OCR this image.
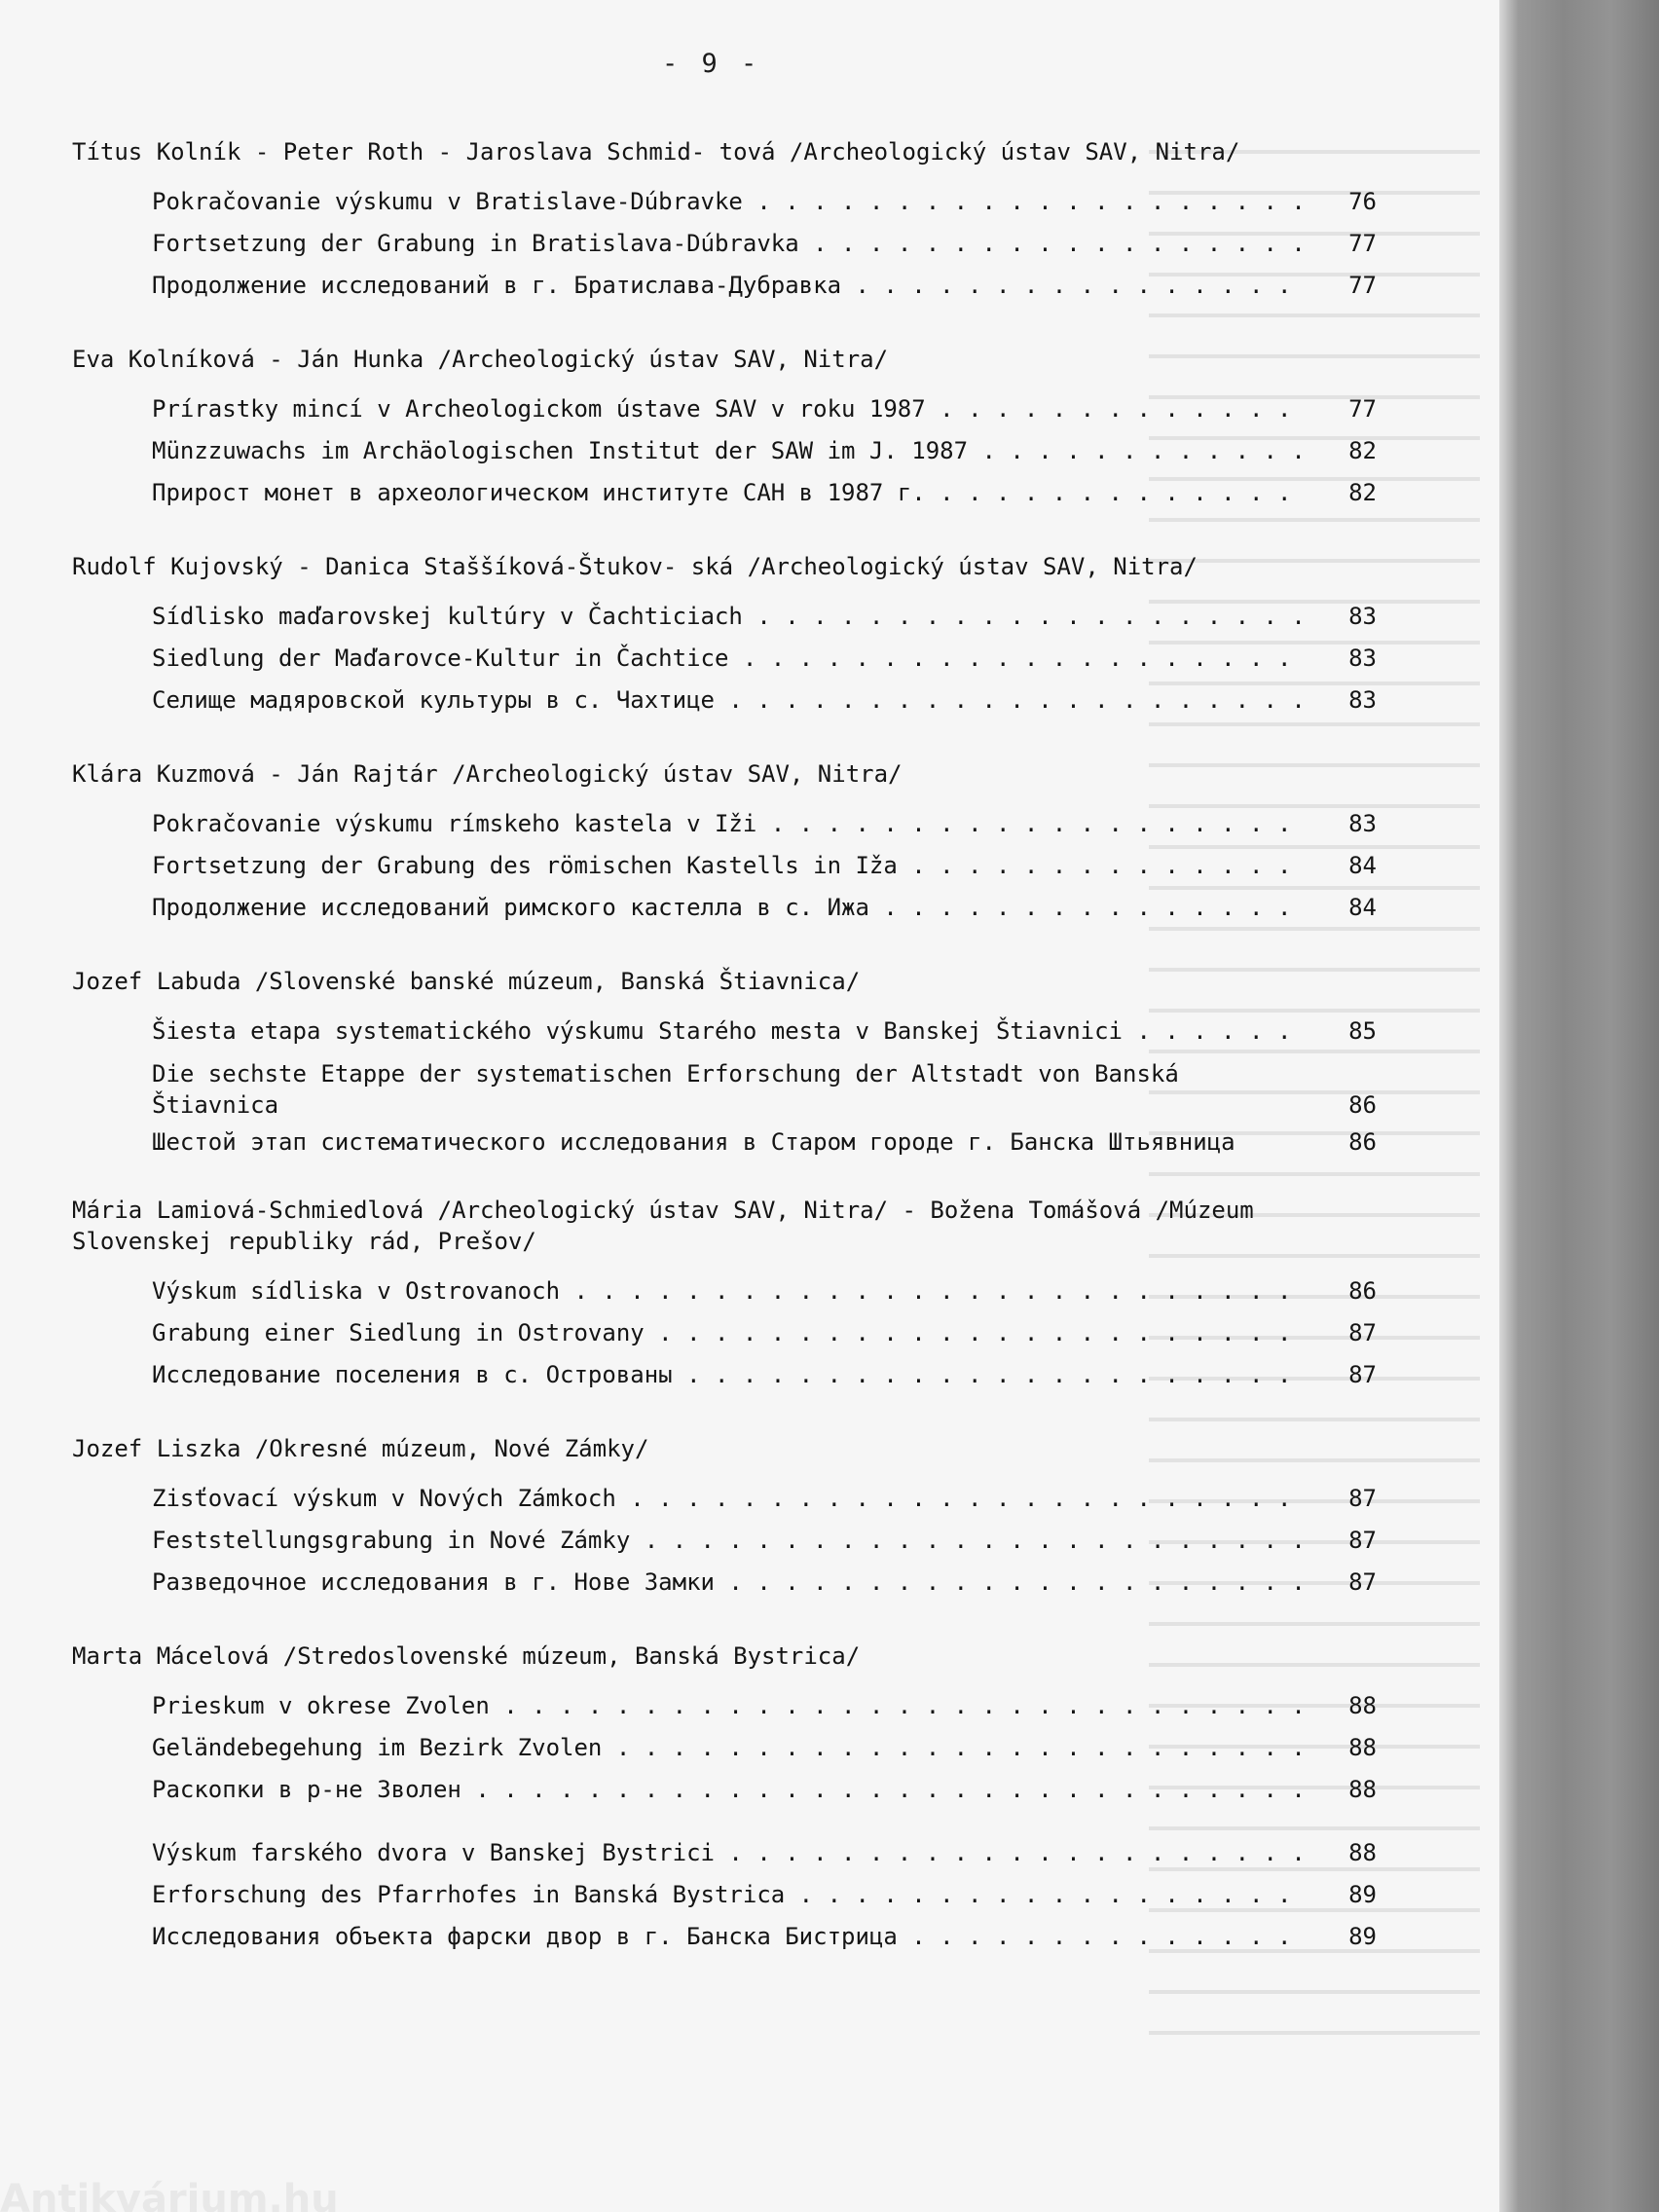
- 9 -
Títus Kolník - Peter Roth - Jaroslava Schmid- tová /Archeologický ústav SAV, Nitra/
Pokračovanie výskumu v Bratislave-Dúbravke . . .	76
Fortsetzung der Grabung in Bratislava-Dúbravka . . .	77
Продолжение исследований в г. Братислава-Дубравка . . .	77
Eva Kolníková - Ján Hunka /Archeologický ústav SAV, Nitra/
Prírastky mincí v Archeologickom ústave SAV v roku 1987 . . .	77
Münzzuwachs im Archäologischen Institut der SAW im J. 1987 . . .	82
Прирост монет в археологическом институте САН в 1987 г. . . .	82
Rudolf Kujovský - Danica Staššíková-Štukov- ská /Archeologický ústav SAV, Nitra/
Sídlisko maďarovskej kultúry v Čachticiach . . .	83
Siedlung der Maďarovce-Kultur in Čachtice . . .	83
Селище мадяровской культуры в с. Чахтице . . .	83
Klára Kuzmová - Ján Rajtár /Archeologický ústav SAV, Nitra/
Pokračovanie výskumu rímskeho kastela v Iži . . .	83
Fortsetzung der Grabung des römischen Kastells in Iža . . .	84
Продолжение исследований римского кастелла в с. Ижа . . .	84
Jozef Labuda /Slovenské banské múzeum, Banská Štiavnica/
Šiesta etapa systematického výskumu Starého mesta v Banskej Štiavnici . . .	85
Die sechste Etappe der systematischen Erforschung der Altstadt von Banská Štiavnica	86
Шестой этап систематического исследования в Старом городе г. Банска Штьявница	86
Mária Lamiová-Schmiedlová /Archeologický ústav SAV, Nitra/ - Božena Tomášová /Múzeum Slovenskej republiky rád, Prešov/
Výskum sídliska v Ostrovanoch . . .	86
Grabung einer Siedlung in Ostrovany . . .	87
Исследование поселения в с. Острованы . . .	87
Jozef Liszka /Okresné múzeum, Nové Zámky/
Zisťovací výskum v Nových Zámkoch . . .	87
Feststellungsgrabung in Nové Zámky . . .	87
Разведочное исследования в г. Нове Замки . . .	87
Marta Mácelová /Stredoslovenské múzeum, Banská Bystrica/
Prieskum v okrese Zvolen . . .	88
Geländebegehung im Bezirk Zvolen . . .	88
Раскопки в р-не Зволен . . .	88
Výskum farského dvora v Banskej Bystrici . . .	88
Erforschung des Pfarrhofes in Banská Bystrica . . .	89
Исследования объекта фарски двор в г. Банска Бистрица . . .	89
Antikvárium.hu
